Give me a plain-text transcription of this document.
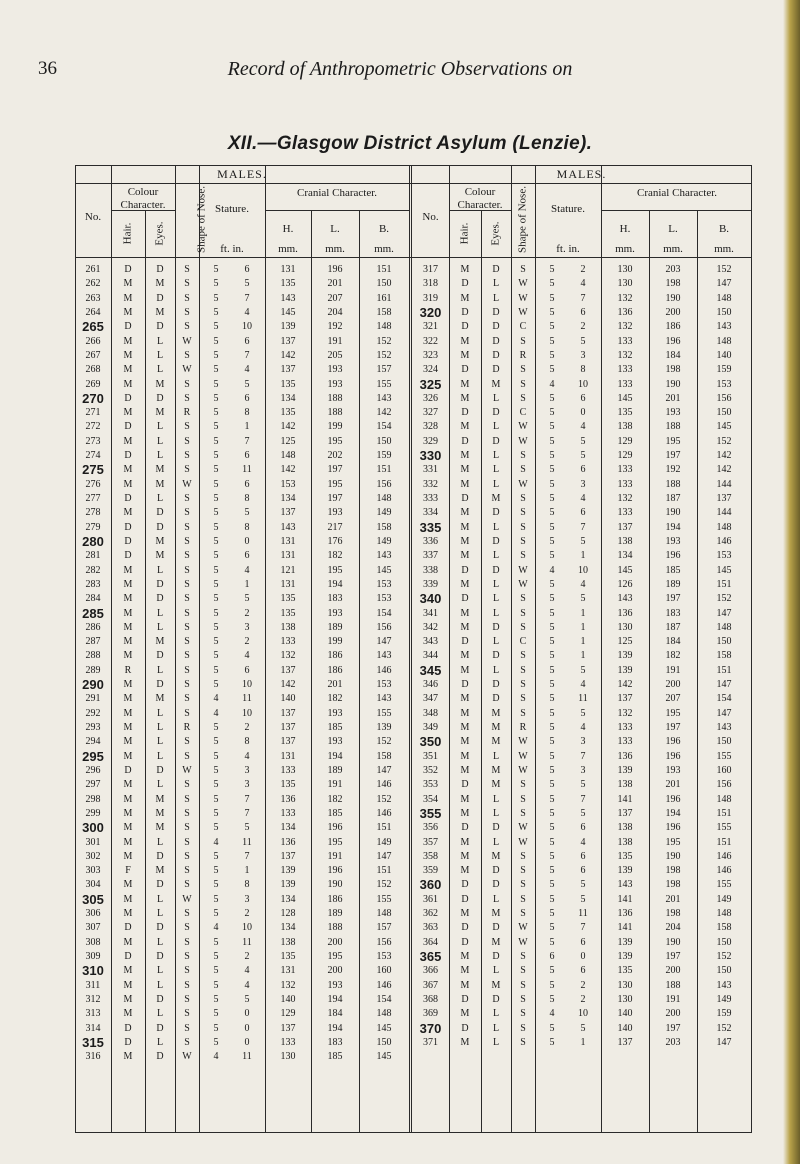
36	Record of Anthropometric Observations on
XII.—Glasgow District Asylum (Lenzie).
MALES.	MALES.
No.
Colour Character.
Hair. Eyes.	Shape of Nose. Stature.
ft. in.
Cranial Character.
H.	L.	B.
mm.	mm.	mm.
No.
Colour Character.
Hair. Eyes. Shape of Nose.	Stature.
ft. in.
Cranial Character.
H.	L.	B.
mm.	mm.	mm.
261	D	D	S	5	6	131	196	151	317	M	D	S	5	2	130	203	152
262	M	M	S	5	5	135	201	150	318	D	L	W	5	4	130	198	147
263	M	D	S	5	7	143	207	161	319	M	L	W	5	7	132	190	148
264	M	M	S	5	4	145	204	158	320	D	D	W	5	6	136	200	150
265	D	D	S	5	10	139	192	148	321	D	D	C	5	2	132	186	143
266	M	L	W	5	6	137	191	152	322	M	D	S	5	5	133	196	148
267	M	L	S	5	7	142	205	152	323	M	D	R	5	3	132	184	140
268	M	L	W	5	4	137	193	157	324	D	D	S	5	8	133	198	159
269	M	M	S	5	5	135	193	155	325	M	M	S	4	10	133	190	153
270	D	D	S	5	6	134	188	143	326	M	L	S	5	6	145	201	156
271	M	M	R	5	8	135	188	142	327	D	D	C	5	0	135	193	150
272	D	L	S	5	1	142	199	154	328	M	L	W	5	4	138	188	145
273	M	L	S	5	7	125	195	150	329	D	D	W	5	5	129	195	152
274	D	L	S	5	6	148	202	159	330	M	L	S	5	5	129	197	142
275	M	M	S	5	11	142	197	151	331	M	L	S	5	6	133	192	142
276	M	M	W	5	6	153	195	156	332	M	L	W	5	3	133	188	144
277	D	L	S	5	8	134	197	148	333	D	M	S	5	4	132	187	137
278	M	D	S	5	5	137	193	149	334	M	D	S	5	6	133	190	144
279	D	D	S	5	8	143	217	158	335	M	L	S	5	7	137	194	148
280	D	M	S	5	0	131	176	149	336	M	D	S	5	5	138	193	146
281	D	M	S	5	6	131	182	143	337	M	L	S	5	1	134	196	153
282	M	L	S	5	4	121	195	145	338	D	D	W	4	10	145	185	145
283	M	D	S	5	1	131	194	153	339	M	L	W	5	4	126	189	151
284	M	D	S	5	5	135	183	153	340	D	L	S	5	5	143	197	152
285	M	L	S	5	2	135	193	154	341	M	L	S	5	1	136	183	147
286	M	L	S	5	3	138	189	156	342	M	D	S	5	1	130	187	148
287	M	M	S	5	2	133	199	147	343	D	L	C	5	1	125	184	150
288	M	D	S	5	4	132	186	143	344	M	D	S	5	1	139	182	158
289	R	L	S	5	6	137	186	146	345	M	L	S	5	5	139	191	151
290	M	D	S	5	10	142	201	153	346	D	D	S	5	4	142	200	147
291	M	M	S	4	11	140	182	143	347	M	D	S	5	11	137	207	154
292	M	L	S	4	10	137	193	155	348	M	M	S	5	5	132	195	147
293	M	L	R	5	2	137	185	139	349	M	M	R	5	4	133	197	143
294	M	L	S	5	8	137	193	152	350	M	M	W	5	3	133	196	150
295	M	L	S	5	4	131	194	158	351	M	L	W	5	7	136	196	155
296	D	D	W	5	3	133	189	147	352	M	M	W	5	3	139	193	160
297	M	L	S	5	3	135	191	146	353	D	M	S	5	5	138	201	156
298	M	M	S	5	7	136	182	152	354	M	L	S	5	7	141	196	148
299	M	M	S	5	7	133	185	146	355	M	L	S	5	5	137	194	151
300	M	M	S	5	5	134	196	151	356	D	D	W	5	6	138	196	155
301	M	L	S	4	11	136	195	149	357	M	L	W	5	4	138	195	151
302	M	D	S	5	7	137	191	147	358	M	M	S	5	6	135	190	146
303	F	M	S	5	1	139	196	151	359	M	D	S	5	6	139	198	146
304	M	D	S	5	8	139	190	152	360	D	D	S	5	5	143	198	155
305	M	L	W	5	3	134	186	155	361	D	L	S	5	5	141	201	149
306	M	L	S	5	2	128	189	148	362	M	M	S	5	11	136	198	148
307	D	D	S	4	10	134	188	157	363	D	D	W	5	7	141	204	158
308	M	L	S	5	11	138	200	156	364	D	M	W	5	6	139	190	150
309	D	D	S	5	2	135	195	153	365	M	D	S	6	0	139	197	152
310	M	L	S	5	4	131	200	160	366	M	L	S	5	6	135	200	150
311	M	L	S	5	4	132	193	146	367	M	M	S	5	2	130	188	143
312	M	D	S	5	5	140	194	154	368	D	D	S	5	2	130	191	149
313	M	L	S	5	0	129	184	148	369	M	L	S	4	10	140	200	159
314	D	D	S	5	0	137	194	145	370	D	L	S	5	5	140	197	152
315	D	L	S	5	0	133	183	150	371	M	L	S	5	1	137	203	147
316	M	D	W	4	11	130	185	145
